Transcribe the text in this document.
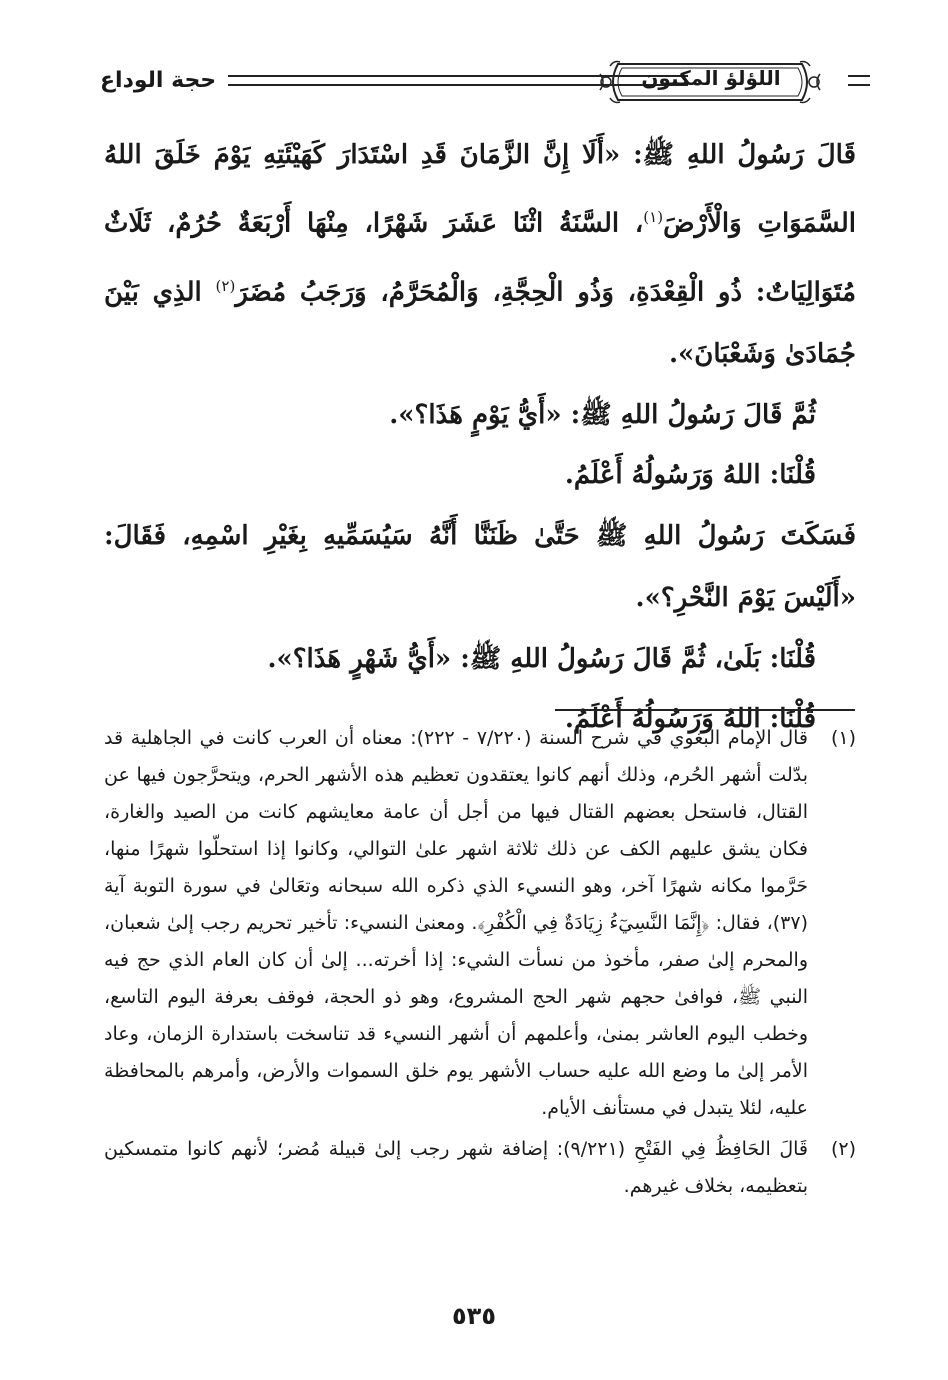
حجة الوداع	اللؤلؤ المكنون

قَالَ رَسُولُ اللهِ ﷺ: «أَلَا إِنَّ الزَّمَانَ قَدِ اسْتَدَارَ كَهَيْئَتِهِ يَوْمَ خَلَقَ اللهُ السَّمَوَاتِ وَالْأَرْضَ$^{(١)}$، السَّنَةُ اثْنَا عَشَرَ شَهْرًا، مِنْهَا أَرْبَعَةٌ حُرُمٌ، ثَلَاثٌ مُتَوَالِيَاتٌ: ذُو الْقِعْدَةِ، وَذُو الْحِجَّةِ، وَالْمُحَرَّمُ، وَرَجَبُ مُضَرَ$^{(٢)}$ الذِي بَيْنَ جُمَادَىٰ وَشَعْبَانَ».

ثُمَّ قَالَ رَسُولُ اللهِ ﷺ: «أَيُّ يَوْمٍ هَذَا؟».

قُلْنَا: اللهُ وَرَسُولُهُ أَعْلَمُ.

فَسَكَتَ رَسُولُ اللهِ ﷺ حَتَّىٰ ظَنَنَّا أَنَّهُ سَيُسَمِّيهِ بِغَيْرِ اسْمِهِ، فَقَالَ: «أَلَيْسَ يَوْمَ النَّحْرِ؟».

قُلْنَا: بَلَىٰ، ثُمَّ قَالَ رَسُولُ اللهِ ﷺ: «أَيُّ شَهْرٍ هَذَا؟».

قُلْنَا: اللهُ وَرَسُولُهُ أَعْلَمُ.

(١)
قال الإمام البغوي في شرح السنة (٧/٢٢٠ - ٢٢٢): معناه أن العرب كانت في الجاهلية قد بدّلت أشهر الحُرم، وذلك أنهم كانوا يعتقدون تعظيم هذه الأشهر الحرم، ويتحرَّجون فيها عن القتال، فاستحل بعضهم القتال فيها من أجل أن عامة معايشهم كانت من الصيد والغارة، فكان يشق عليهم الكف عن ذلك ثلاثة اشهر علىٰ التوالي، وكانوا إذا استحلّوا شهرًا منها، حَرَّموا مكانه شهرًا آخر، وهو النسيء الذي ذكره الله سبحانه وتعَالىٰ في سورة التوبة آية (٣٧)، فقال: ﴿إِنَّمَا النَّسِيٓءُ زِيَادَةٌ فِي الْكُفْرِ﴾. ومعنىٰ النسيء: تأخير تحريم رجب إلىٰ شعبان، والمحرم إلىٰ صفر، مأخوذ من نسأت الشيء: إذا أخرته... إلىٰ أن كان العام الذي حج فيه النبي ﷺ، فوافىٰ حجهم شهر الحج المشروع، وهو ذو الحجة، فوقف بعرفة اليوم التاسع، وخطب اليوم العاشر بمنىٰ، وأعلمهم أن أشهر النسيء قد تناسخت باستدارة الزمان، وعاد الأمر إلىٰ ما وضع الله عليه حساب الأشهر يوم خلق السموات والأرض، وأمرهم بالمحافظة عليه، لئلا يتبدل في مستأنف الأيام.
(٢)
قَالَ الحَافِظُ فِي الفَتْحِ (٩/٢٢١): إضافة شهر رجب إلىٰ قبيلة مُضر؛ لأنهم كانوا متمسكين بتعظيمه، بخلاف غيرهم.
٥٣٥
